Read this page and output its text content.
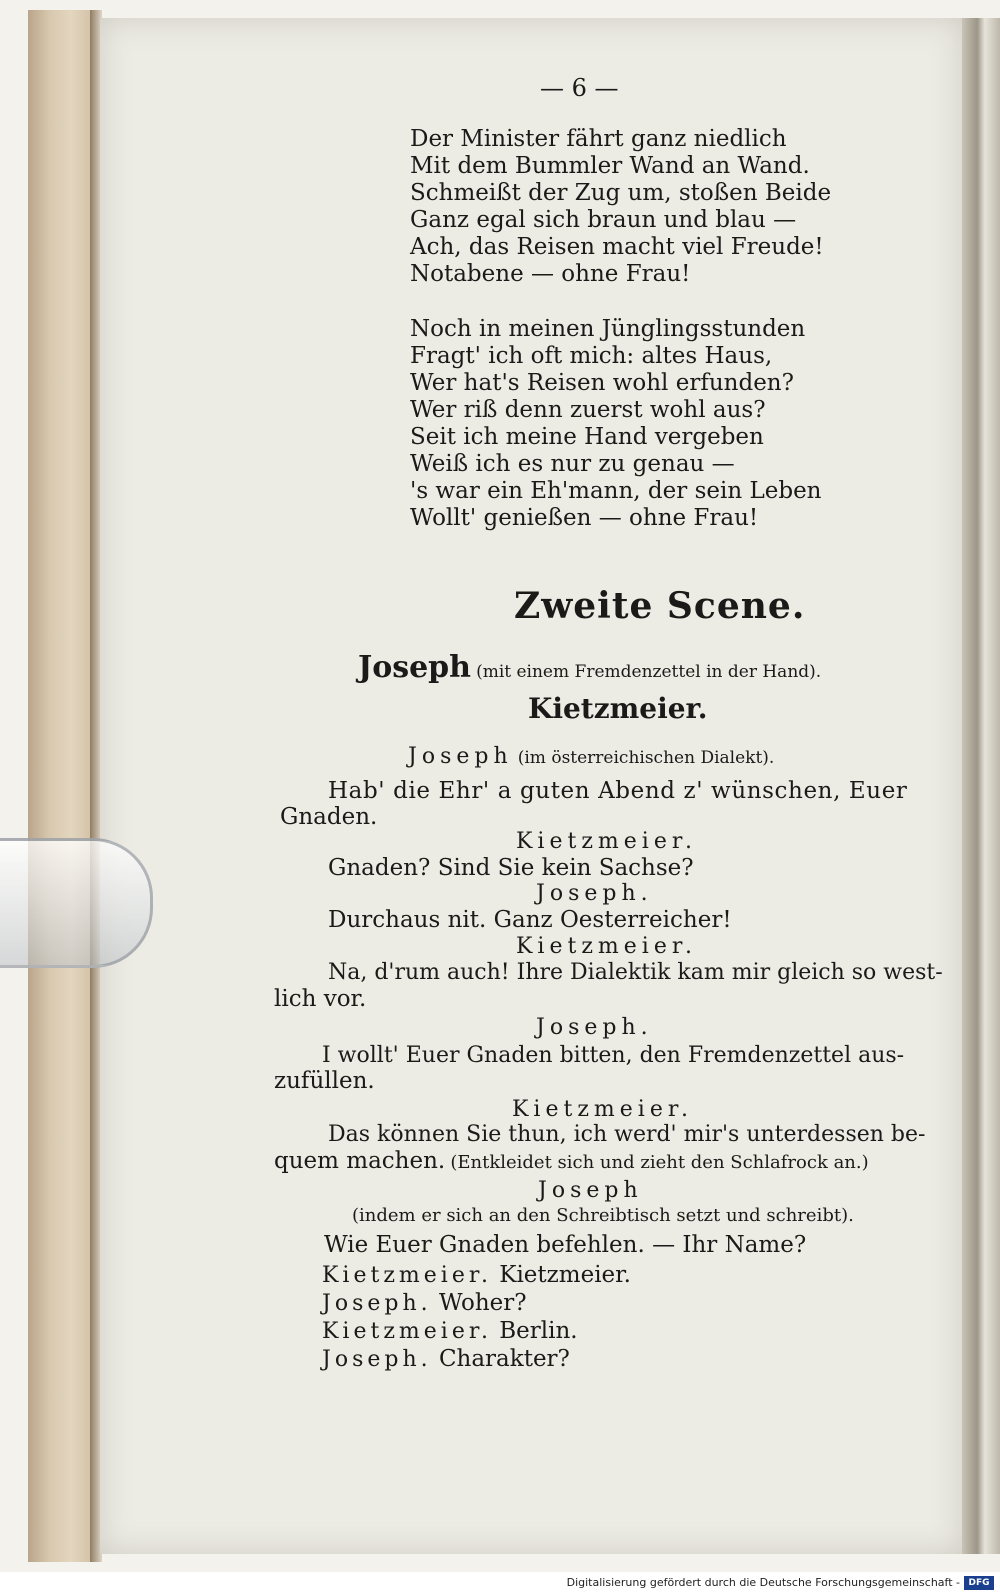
— 6 —
Der Minister fährt ganz niedlich
Mit dem Bummler Wand an Wand.
Schmeißt der Zug um, stoßen Beide
Ganz egal sich braun und blau —
Ach, das Reisen macht viel Freude!
Notabene — ohne Frau!
Noch in meinen Jünglingsstunden
Fragt' ich oft mich: altes Haus,
Wer hat's Reisen wohl erfunden?
Wer riß denn zuerst wohl aus?
Seit ich meine Hand vergeben
Weiß ich es nur zu genau —
's war ein Eh'mann, der sein Leben
Wollt' genießen — ohne Frau!
Zweite Scene.
Joseph (mit einem Fremdenzettel in der Hand).
Kietzmeier.
Joseph (im österreichischen Dialekt).
Hab' die Ehr' a guten Abend z' wünschen, Euer
Gnaden.
Kietzmeier.
Gnaden? Sind Sie kein Sachse?
Joseph.
Durchaus nit. Ganz Oesterreicher!
Kietzmeier.
Na, d'rum auch! Ihre Dialektik kam mir gleich so west-
lich vor.
Joseph.
I wollt' Euer Gnaden bitten, den Fremdenzettel aus-
zufüllen.
Kietzmeier.
Das können Sie thun, ich werd' mir's unterdessen be-
quem machen. (Entkleidet sich und zieht den Schlafrock an.)
Joseph
(indem er sich an den Schreibtisch setzt und schreibt).
Wie Euer Gnaden befehlen. — Ihr Name?
Kietzmeier. Kietzmeier.
Joseph. Woher?
Kietzmeier. Berlin.
Joseph. Charakter?
Digitalisierung gefördert durch die Deutsche Forschungsgemeinschaft - DFG
